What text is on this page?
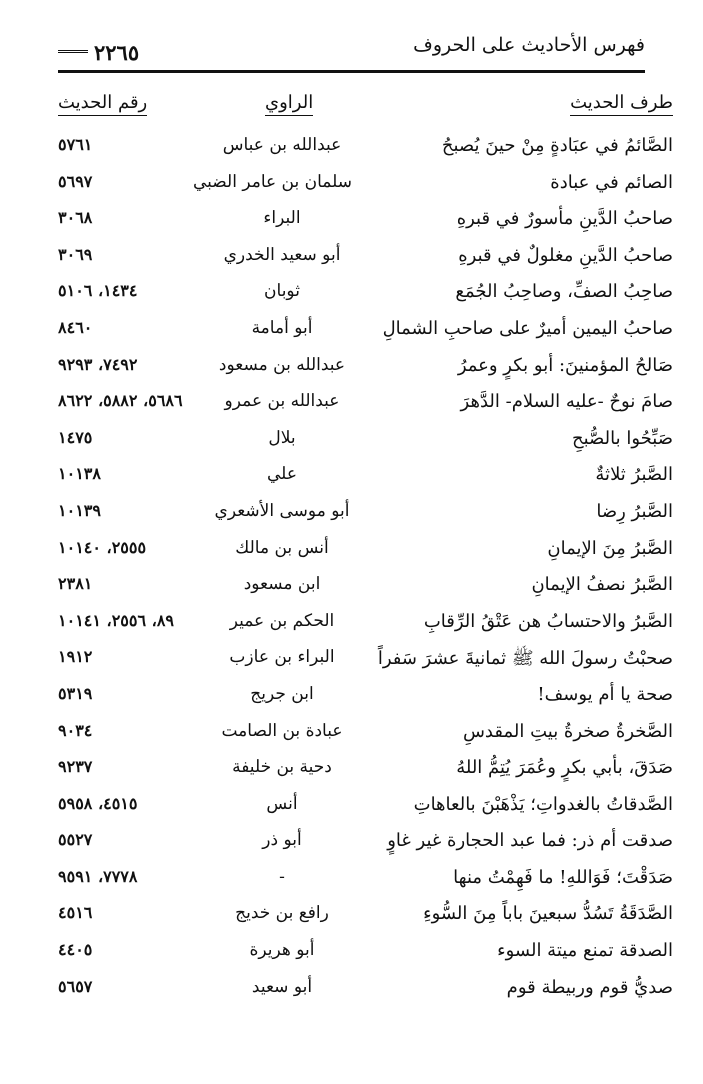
فهرس الأحاديث على الحروف
٢٢٦٥
طرف الحديث
الراوي
رقم الحديث
الصَّائمُ في عبَادةٍ مِنْ حينَ يُصبحُ
عبدالله بن عباس
٥٧٦١
الصائم في عبادة
سلمان بن عامر الضبي
٥٦٩٧
صاحبُ الدَّينِ مأسورٌ في قبرهِ
البراء
٣٠٦٨
صاحبُ الدَّينِ مغلولٌ في قبرهِ
أبو سعيد الخدري
٣٠٦٩
صاحِبُ الصفِّ، وصاحِبُ الجُمَع
ثوبان
١٤٣٤، ٥١٠٦
صاحبُ اليمين أميرٌ على صاحبِ الشمالِ
أبو أمامة
٨٤٦٠
صَالحُ المؤمنينَ: أبو بكرٍ وعمرُ
عبدالله بن مسعود
٧٤٩٢، ٩٢٩٣
صامَ نوحٌ -عليه السلام- الدَّهرَ
عبدالله بن عمرو
٥٦٨٦، ٥٨٨٢، ٨٦٢٢
صَبِّحُوا بالصُّبحِ
بلال
١٤٧٥
الصَّبرُ ثلاثةٌ
علي
١٠١٣٨
الصَّبرُ رِضا
أبو موسى الأشعري
١٠١٣٩
الصَّبرُ مِنَ الإيمانِ
أنس بن مالك
٢٥٥٥، ١٠١٤٠
الصَّبرُ نصفُ الإيمانِ
ابن مسعود
٢٣٨١
الصَّبرُ والاحتسابُ هن عَتْقُ الرِّقابِ
الحكم بن عمير
٨٩، ٢٥٥٦، ١٠١٤١
صحبْتُ رسولَ الله ﷺ ثمانيةَ عشرَ سَفراً
البراء بن عازب
١٩١٢
صحة يا أم يوسف!
ابن جريج
٥٣١٩
الصَّخرةُ صخرةُ بيتِ المقدسِ
عبادة بن الصامت
٩٠٣٤
صَدَقَ، بأبي بكرٍ وعُمَرَ يُتِمُّ اللهُ
دحية بن خليفة
٩٢٣٧
الصَّدقاتُ بالغدواتِ؛ يَذْهَبْنَ بالعاهاتِ
أنس
٤٥١٥، ٥٩٥٨
صدقت أم ذر: فما عبد الحجارة غير غاوٍ
أبو ذر
٥٥٢٧
صَدَقْتَ؛ فَوَاللهِ! ما فَهِمْتُ منها
-
٧٧٧٨، ٩٥٩١
الصَّدَقَةُ تَسُدُّ سبعينَ باباً مِنَ السُّوءِ
رافع بن خديج
٤٥١٦
الصدقة تمنع ميتة السوء
أبو هريرة
٤٤٠٥
صديُّ قوم وربيطة قوم
أبو سعيد
٥٦٥٧
